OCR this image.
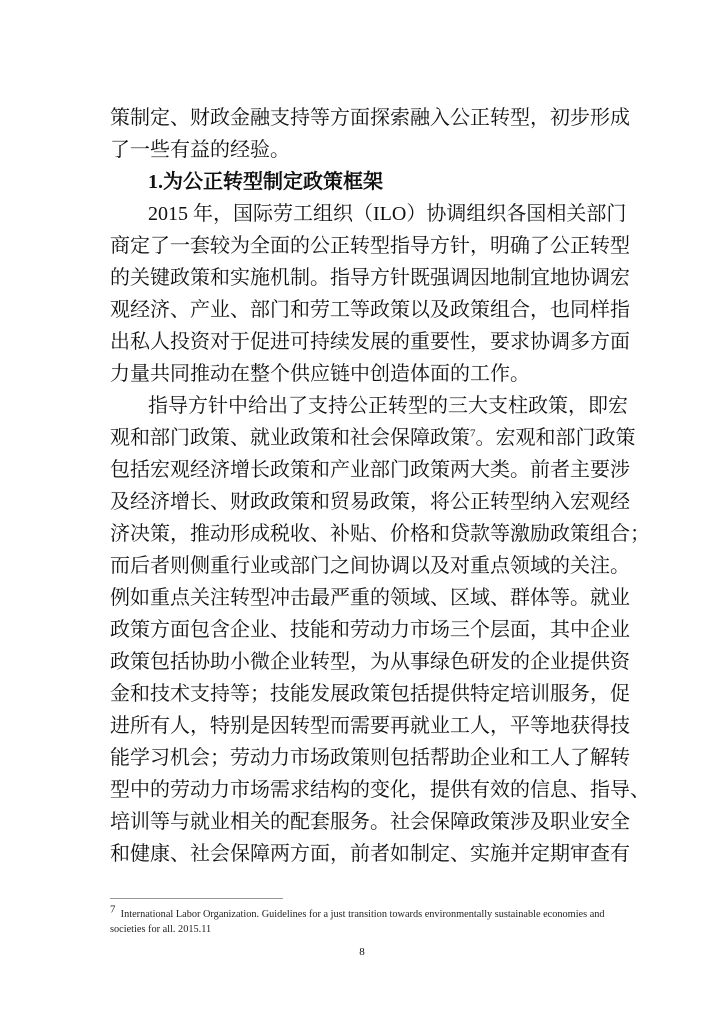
策制定、财政金融支持等方面探索融入公正转型，初步形成
了一些有益的经验。
1.为公正转型制定政策框架
2015 年，国际劳工组织（ILO）协调组织各国相关部门
商定了一套较为全面的公正转型指导方针，明确了公正转型
的关键政策和实施机制。指导方针既强调因地制宜地协调宏
观经济、产业、部门和劳工等政策以及政策组合，也同样指
出私人投资对于促进可持续发展的重要性，要求协调多方面
力量共同推动在整个供应链中创造体面的工作。
指导方针中给出了支持公正转型的三大支柱政策，即宏
观和部门政策、就业政策和社会保障政策$^7$。宏观和部门政策
包括宏观经济增长政策和产业部门政策两大类。前者主要涉
及经济增长、财政政策和贸易政策，将公正转型纳入宏观经
济决策，推动形成税收、补贴、价格和贷款等激励政策组合；
而后者则侧重行业或部门之间协调以及对重点领域的关注。
例如重点关注转型冲击最严重的领域、区域、群体等。就业
政策方面包含企业、技能和劳动力市场三个层面，其中企业
政策包括协助小微企业转型，为从事绿色研发的企业提供资
金和技术支持等；技能发展政策包括提供特定培训服务，促
进所有人，特别是因转型而需要再就业工人，平等地获得技
能学习机会；劳动力市场政策则包括帮助企业和工人了解转
型中的劳动力市场需求结构的变化，提供有效的信息、指导、
培训等与就业相关的配套服务。社会保障政策涉及职业安全
和健康、社会保障两方面，前者如制定、实施并定期审查有
$^7$ International Labor Organization. Guidelines for a just transition towards environmentally sustainable economies and societies for all. 2015.11
8
